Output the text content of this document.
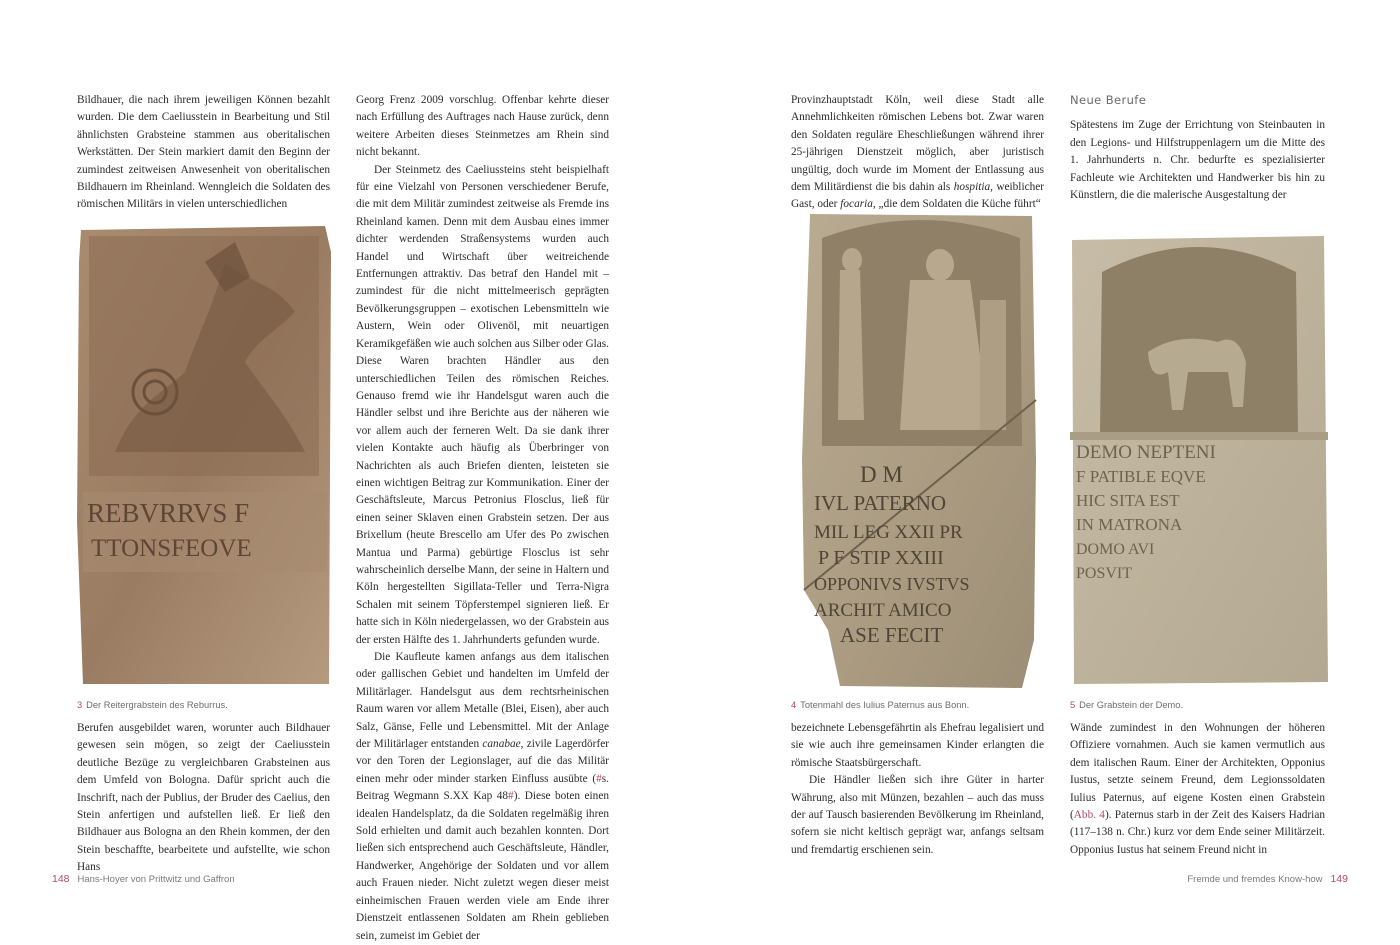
Bildhauer, die nach ihrem jeweiligen Können bezahlt wurden. Die dem Caeliusstein in Bearbeitung und Stil ähnlichsten Grabsteine stammen aus oberitalischen Werkstätten. Der Stein markiert damit den Beginn der zumindest zeitweisen Anwesenheit von oberitalischen Bildhauern im Rheinland. Wenngleich die Soldaten des römischen Militärs in vielen unterschiedlichen

REBVRRVS F
TTONSFEOVE
3 Der Reitergrabstein des Reburrus.

Berufen ausgebildet waren, worunter auch Bildhauer gewesen sein mögen, so zeigt der Caeliusstein deutliche Bezüge zu vergleichbaren Grabsteinen aus dem Umfeld von Bologna. Dafür spricht auch die Inschrift, nach der Publius, der Bruder des Caelius, den Stein anfertigen und aufstellen ließ. Er ließ den Bildhauer aus Bologna an den Rhein kommen, der den Stein beschaffte, bearbeitete und aufstellte, wie schon Hans

Georg Frenz 2009 vorschlug. Offenbar kehrte dieser nach Erfüllung des Auftrages nach Hause zurück, denn weitere Arbeiten dieses Steinmetzes am Rhein sind nicht bekannt.

Der Steinmetz des Caeliussteins steht beispielhaft für eine Vielzahl von Personen verschiedener Berufe, die mit dem Militär zumindest zeitweise als Fremde ins Rheinland kamen. Denn mit dem Ausbau eines immer dichter werdenden Straßensystems wurden auch Handel und Wirtschaft über weitreichende Entfernungen attraktiv. Das betraf den Handel mit – zumindest für die nicht mittelmeerisch geprägten Bevölkerungsgruppen – exotischen Lebensmitteln wie Austern, Wein oder Olivenöl, mit neuartigen Keramikgefäßen wie auch solchen aus Silber oder Glas. Diese Waren brachten Händler aus den unterschiedlichen Teilen des römischen Reiches. Genauso fremd wie ihr Handelsgut waren auch die Händler selbst und ihre Berichte aus der näheren wie vor allem auch der ferneren Welt. Da sie dank ihrer vielen Kontakte auch häufig als Überbringer von Nachrichten als auch Briefen dienten, leisteten sie einen wichtigen Beitrag zur Kommunikation. Einer der Geschäftsleute, Marcus Petronius Flosclus, ließ für einen seiner Sklaven einen Grabstein setzen. Der aus Brixellum (heute Brescello am Ufer des Po zwischen Mantua und Parma) gebürtige Flosclus ist sehr wahrscheinlich derselbe Mann, der seine in Haltern und Köln hergestellten Sigillata-Teller und Terra-Nigra Schalen mit seinem Töpferstempel signieren ließ. Er hatte sich in Köln niedergelassen, wo der Grabstein aus der ersten Hälfte des 1. Jahrhunderts gefunden wurde.

Die Kaufleute kamen anfangs aus dem italischen oder gallischen Gebiet und handelten im Umfeld der Militärlager. Handelsgut aus dem rechtsrheinischen Raum waren vor allem Metalle (Blei, Eisen), aber auch Salz, Gänse, Felle und Lebensmittel. Mit der Anlage der Militärlager entstanden canabae, zivile Lagerdörfer vor den Toren der Legionslager, auf die das Militär einen mehr oder minder starken Einfluss ausübte (#s. Beitrag Wegmann S.XX Kap 48#). Diese boten einen idealen Handelsplatz, da die Soldaten regelmäßig ihren Sold erhielten und damit auch bezahlen konnten. Dort ließen sich entsprechend auch Geschäftsleute, Händler, Handwerker, Angehörige der Soldaten und vor allem auch Frauen nieder. Nicht zuletzt wegen dieser meist einheimischen Frauen werden viele am Ende ihrer Dienstzeit entlassenen Soldaten am Rhein geblieben sein, zumeist im Gebiet der

148 Hans-Hoyer von Prittwitz und Gaffron

Provinzhauptstadt Köln, weil diese Stadt alle Annehmlichkeiten römischen Lebens bot. Zwar waren den Soldaten reguläre Eheschließungen während ihrer 25-jährigen Dienstzeit möglich, aber juristisch ungültig, doch wurde im Moment der Entlassung aus dem Militärdienst die bis dahin als hospitia, weiblicher Gast, oder focaria, „die dem Soldaten die Küche führt“

D M
IVL PATERNO
MIL LEG XXII PR
P F STIP XXIII
OPPONIVS IVSTVS
ARCHIT AMICO
ASE FECIT
4 Totenmahl des Iulius Paternus aus Bonn.

bezeichnete Lebensgefährtin als Ehefrau legalisiert und sie wie auch ihre gemeinsamen Kinder erlangten die römische Staatsbürgerschaft.

Die Händler ließen sich ihre Güter in harter Währung, also mit Münzen, bezahlen – auch das muss der auf Tausch basierenden Bevölkerung im Rheinland, sofern sie nicht keltisch geprägt war, anfangs seltsam und fremdartig erschienen sein.

Neue Berufe

Spätestens im Zuge der Errichtung von Steinbauten in den Legions- und Hilfstruppenlagern um die Mitte des 1. Jahrhunderts n. Chr. bedurfte es spezialisierter Fachleute wie Architekten und Handwerker bis hin zu Künstlern, die die malerische Ausgestaltung der

DEMO NEPTENI
F PATIBLE EQVE
HIC SITA EST
IN MATRONA
DOMO AVI
POSVIT
5 Der Grabstein der Demo.

Wände zumindest in den Wohnungen der höheren Offiziere vornahmen. Auch sie kamen vermutlich aus dem italischen Raum. Einer der Architekten, Opponius Iustus, setzte seinem Freund, dem Legionssoldaten Iulius Paternus, auf eigene Kosten einen Grabstein (Abb. 4). Paternus starb in der Zeit des Kaisers Hadrian (117–138 n. Chr.) kurz vor dem Ende seiner Militärzeit. Opponius Iustus hat seinem Freund nicht in

Fremde und fremdes Know-how 149
